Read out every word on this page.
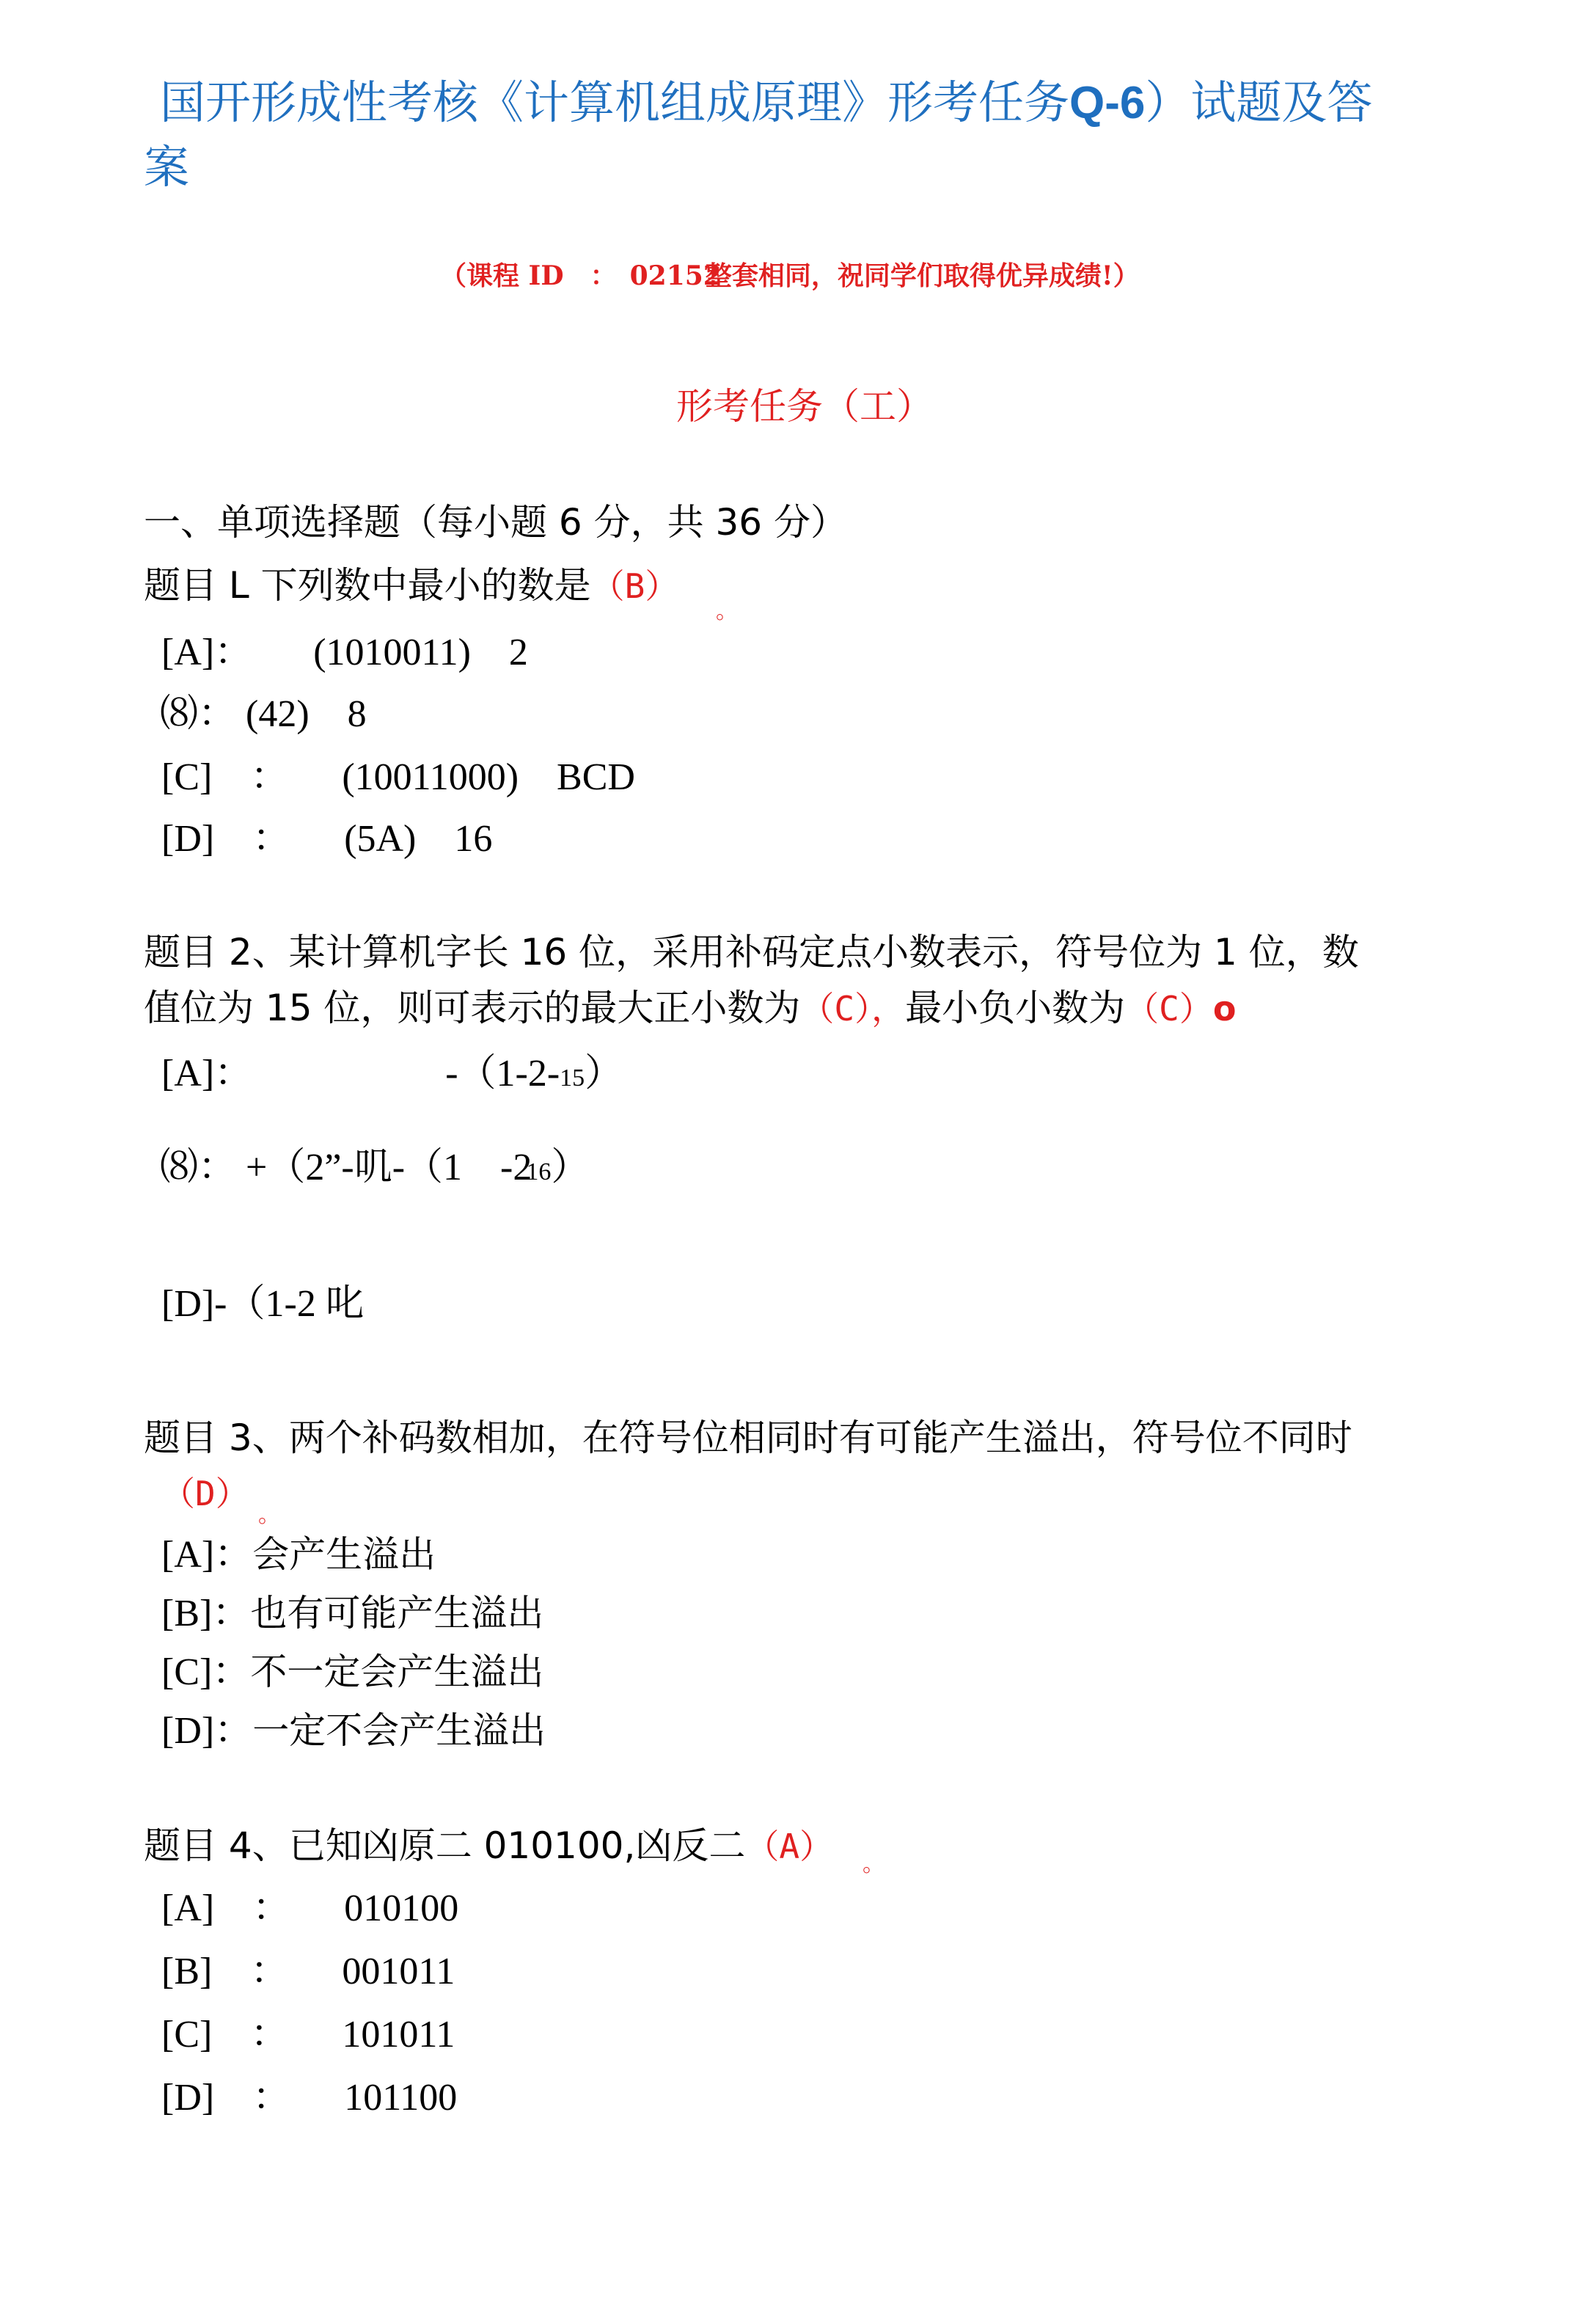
国开形成性考核《计算机组成原理》形考任务Q-6）试题及答
案
（课程 ID　：　02152整套相同，祝同学们取得优异成绩!）
形考任务（工）
一、单项选择题（每小题 6 分，共 36 分）
题目 L 下列数中最小的数是（B）
。
[A]： (1010011)　2
⑻： (42)　8
[C]　： (10011000)　BCD
[D]　： (5A)　16
题目 2、某计算机字长 16 位，采用补码定点小数表示，符号位为 1 位，数
值位为 15 位，则可表示的最大正小数为（C），最小负小数为（C）o
[A]：	-（1-2-15）
⑻： +（2”-叽-（1　-216）
[D]-（1-2 叱
题目 3、两个补码数相加，在符号位相同时有可能产生溢出，符号位不同时
（D）
。
[A]：会产生溢出
[B]：也有可能产生溢出
[C]：不一定会产生溢出
[D]：一定不会产生溢出
题目 4、已知凶原二 010100,凶反二（A） 。
[A]　： 010100
[B]　： 001011
[C]　： 101011
[D]　： 101100
